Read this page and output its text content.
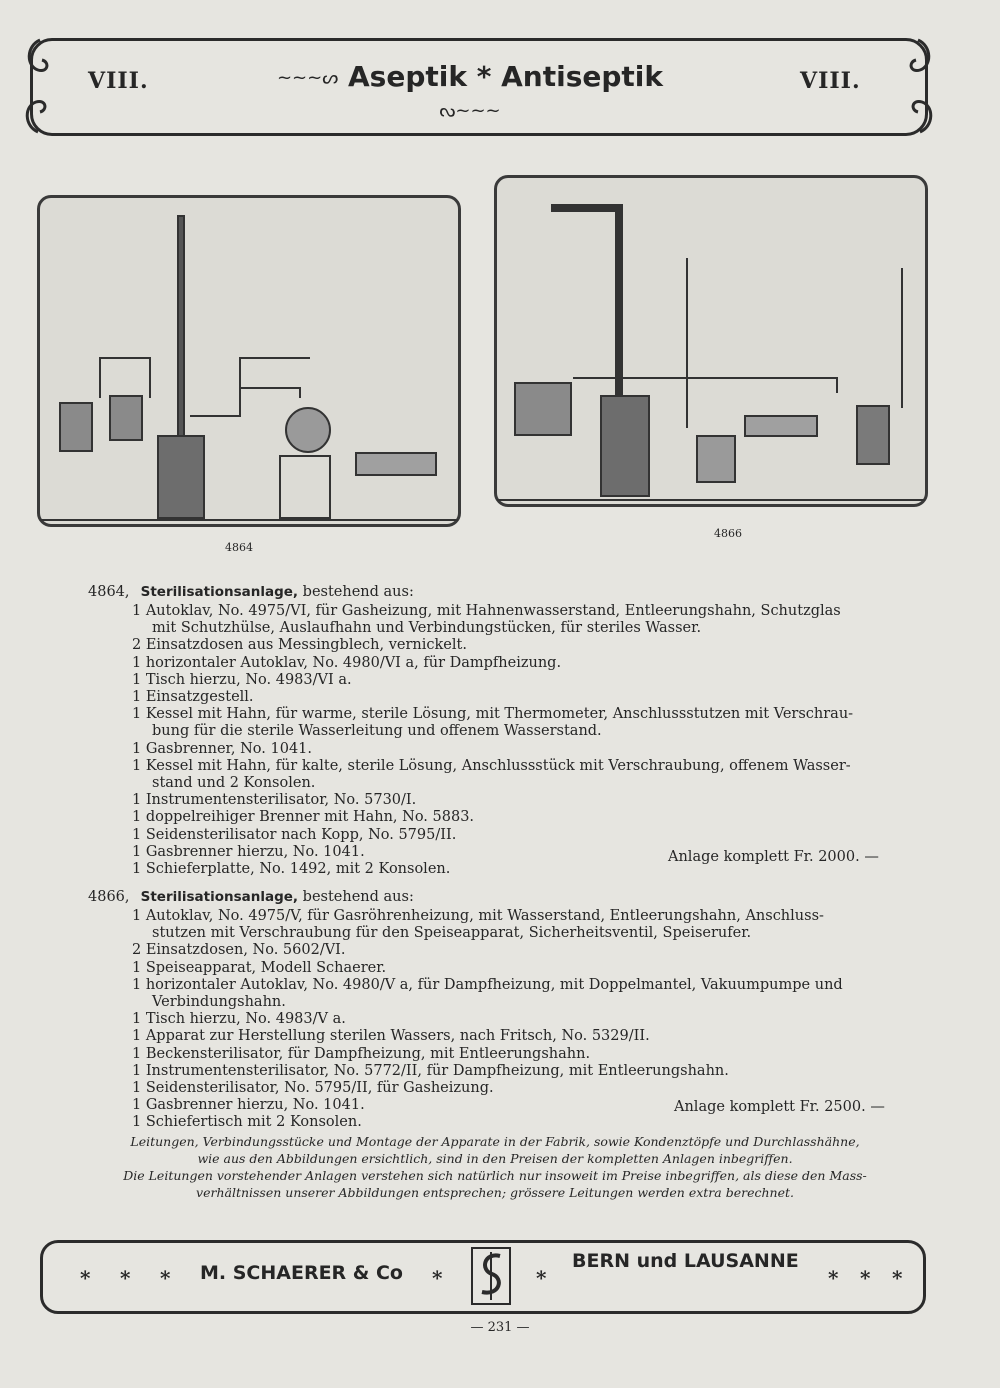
VIII.	VIII.
~~~ᔕ Aseptik * Antiseptik ᔓ~~~
4864
4866
4864, Sterilisationsanlage, bestehend aus:
1 Autoklav, No. 4975/VI, für Gasheizung, mit Hahnenwasserstand, Entleerungshahn, Schutzglas
mit Schutzhülse, Auslaufhahn und Verbindungstücken, für steriles Wasser.
2 Einsatzdosen aus Messingblech, vernickelt.
1 horizontaler Autoklav, No. 4980/VI a, für Dampfheizung.
1 Tisch hierzu, No. 4983/VI a.
1 Einsatzgestell.
1 Kessel mit Hahn, für warme, sterile Lösung, mit Thermometer, Anschlussstutzen mit Verschrau-
bung für die sterile Wasserleitung und offenem Wasserstand.
1 Gasbrenner, No. 1041.
1 Kessel mit Hahn, für kalte, sterile Lösung, Anschlussstück mit Verschraubung, offenem Wasser-
stand und 2 Konsolen.
1 Instrumentensterilisator, No. 5730/I.
1 doppelreihiger Brenner mit Hahn, No. 5883.
1 Seidensterilisator nach Kopp, No. 5795/II.
1 Gasbrenner hierzu, No. 1041.
1 Schieferplatte, No. 1492, mit 2 Konsolen.
Anlage komplett Fr. 2000. —
4866, Sterilisationsanlage, bestehend aus:
1 Autoklav, No. 4975/V, für Gasröhrenheizung, mit Wasserstand, Entleerungshahn, Anschluss-
stutzen mit Verschraubung für den Speiseapparat, Sicherheitsventil, Speiserufer.
2 Einsatzdosen, No. 5602/VI.
1 Speiseapparat, Modell Schaerer.
1 horizontaler Autoklav, No. 4980/V a, für Dampfheizung, mit Doppelmantel, Vakuumpumpe und
Verbindungshahn.
1 Tisch hierzu, No. 4983/V a.
1 Apparat zur Herstellung sterilen Wassers, nach Fritsch, No. 5329/II.
1 Beckensterilisator, für Dampfheizung, mit Entleerungshahn.
1 Instrumentensterilisator, No. 5772/II, für Dampfheizung, mit Entleerungshahn.
1 Seidensterilisator, No. 5795/II, für Gasheizung.
1 Gasbrenner hierzu, No. 1041.
1 Schiefertisch mit 2 Konsolen.
Anlage komplett Fr. 2500. —
Leitungen, Verbindungsstücke und Montage der Apparate in der Fabrik, sowie Kondenztöpfe und Durchlasshähne,
wie aus den Abbildungen ersichtlich, sind in den Preisen der kompletten Anlagen inbegriffen.
Die Leitungen vorstehender Anlagen verstehen sich natürlich nur insoweit im Preise inbegriffen, als diese den Mass-
verhältnissen unserer Abbildungen entsprechen; grössere Leitungen werden extra berechnet.
* * * M. SCHAERER & Co *	*
BERN und LAUSANNE
* * *
— 231 —
